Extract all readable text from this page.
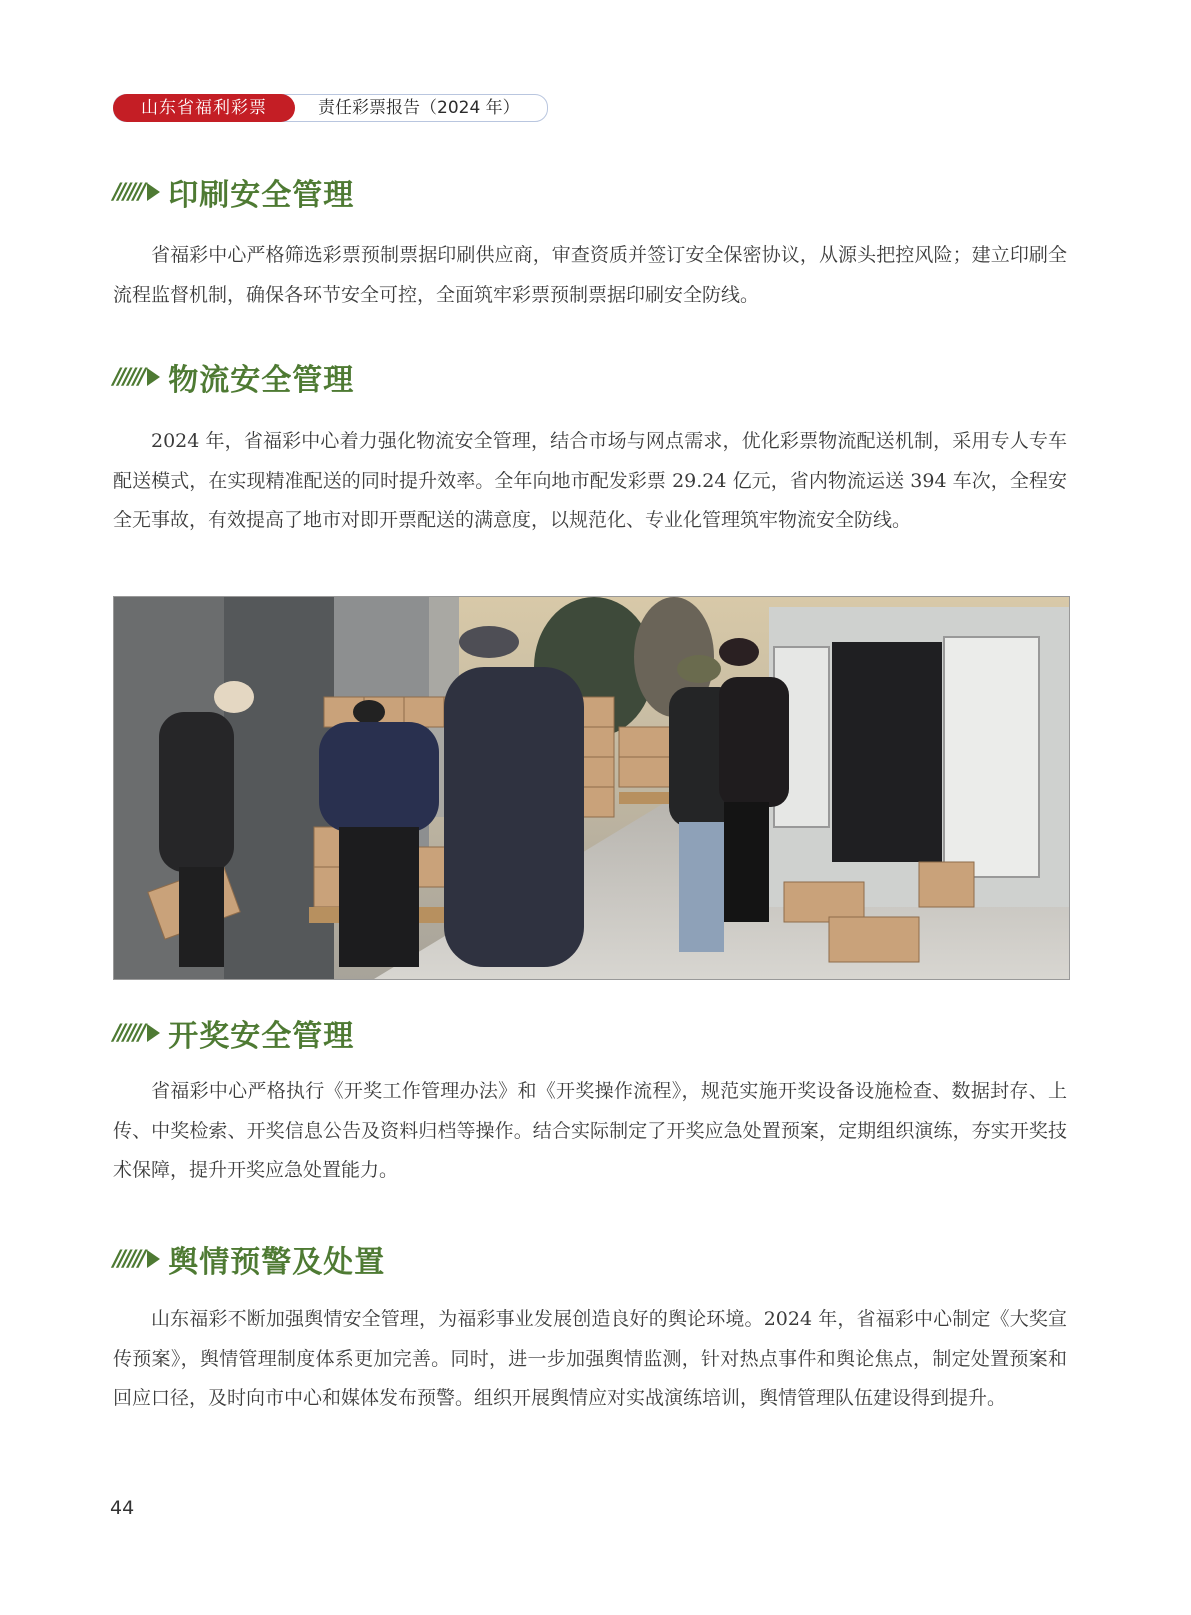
山东省福利彩票	责任彩票报告（2024 年）
////// 印刷安全管理

省福彩中心严格筛选彩票预制票据印刷供应商，审查资质并签订安全保密协议，从源头把控风险；建立印刷全流程监督机制，确保各环节安全可控，全面筑牢彩票预制票据印刷安全防线。

////// 物流安全管理

2024 年，省福彩中心着力强化物流安全管理，结合市场与网点需求，优化彩票物流配送机制，采用专人专车配送模式，在实现精准配送的同时提升效率。全年向地市配发彩票 29.24 亿元，省内物流运送 394 车次，全程安全无事故，有效提高了地市对即开票配送的满意度，以规范化、专业化管理筑牢物流安全防线。

////// 开奖安全管理

省福彩中心严格执行《开奖工作管理办法》和《开奖操作流程》，规范实施开奖设备设施检查、数据封存、上传、中奖检索、开奖信息公告及资料归档等操作。结合实际制定了开奖应急处置预案，定期组织演练，夯实开奖技术保障，提升开奖应急处置能力。

////// 舆情预警及处置

山东福彩不断加强舆情安全管理，为福彩事业发展创造良好的舆论环境。2024 年，省福彩中心制定《大奖宣传预案》，舆情管理制度体系更加完善。同时，进一步加强舆情监测，针对热点事件和舆论焦点，制定处置预案和回应口径，及时向市中心和媒体发布预警。组织开展舆情应对实战演练培训，舆情管理队伍建设得到提升。

44
